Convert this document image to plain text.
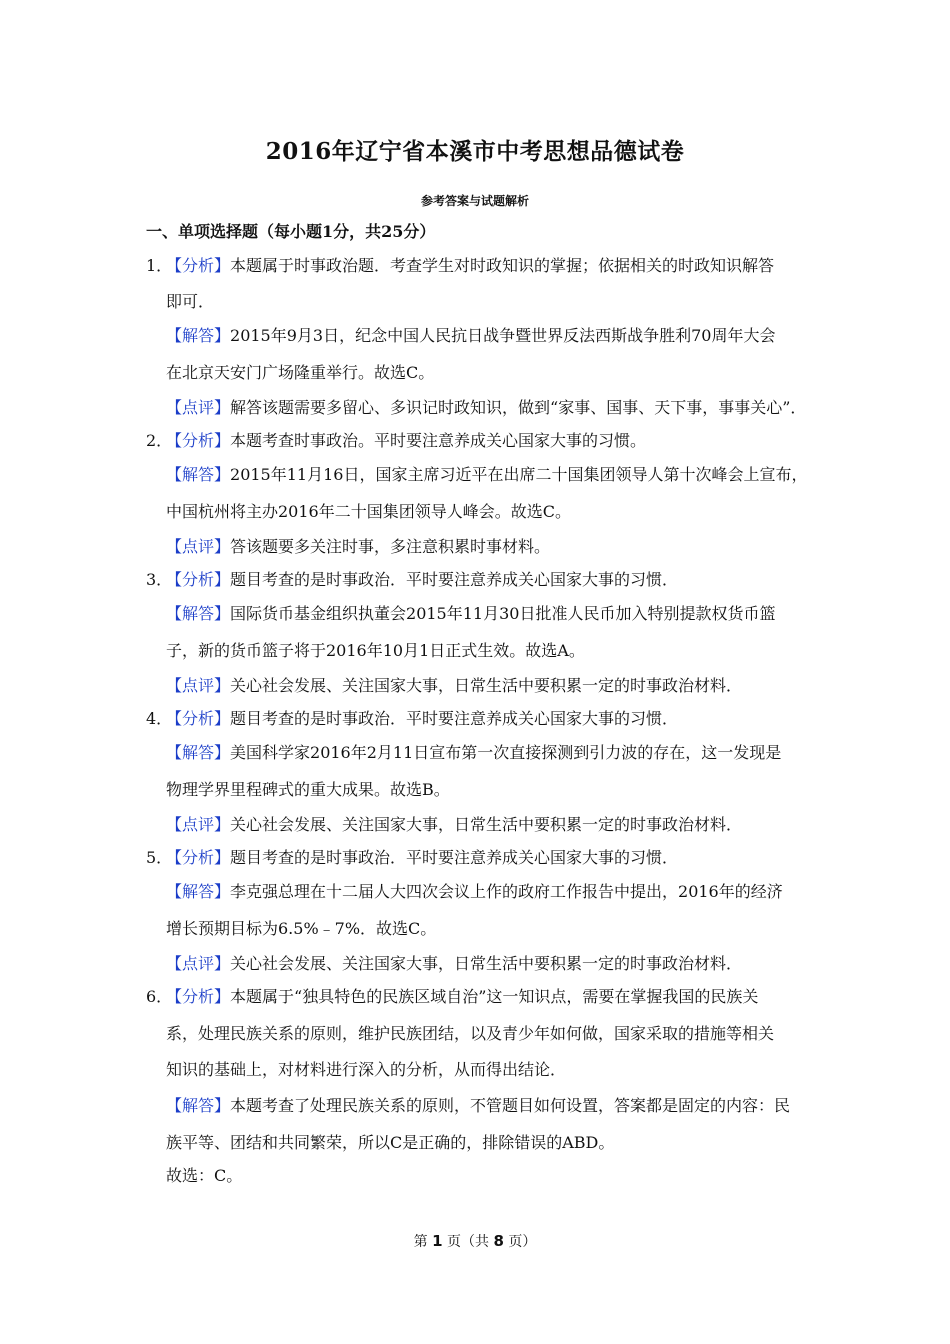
2016年辽宁省本溪市中考思想品德试卷
参考答案与试题解析
一、单项选择题（每小题1分，共25分）
1．
【分析】本题属于时事政治题．考查学生对时政知识的掌握；依据相关的时政知识解答
即可．
【解答】2015年9月3日，纪念中国人民抗日战争暨世界反法西斯战争胜利70周年大会
在北京天安门广场隆重举行。故选C。
【点评】解答该题需要多留心、多识记时政知识，做到“家事、国事、天下事，事事关心”．
2．
【分析】本题考查时事政治。平时要注意养成关心国家大事的习惯。
【解答】2015年11月16日，国家主席习近平在出席二十国集团领导人第十次峰会上宣布，
中国杭州将主办2016年二十国集团领导人峰会。故选C。
【点评】答该题要多关注时事，多注意积累时事材料。
3．
【分析】题目考查的是时事政治．平时要注意养成关心国家大事的习惯．
【解答】国际货币基金组织执董会2015年11月30日批准人民币加入特别提款权货币篮
子，新的货币篮子将于2016年10月1日正式生效。故选A。
【点评】关心社会发展、关注国家大事，日常生活中要积累一定的时事政治材料．
4．
【分析】题目考查的是时事政治．平时要注意养成关心国家大事的习惯．
【解答】美国科学家2016年2月11日宣布第一次直接探测到引力波的存在，这一发现是
物理学界里程碑式的重大成果。故选B。
【点评】关心社会发展、关注国家大事，日常生活中要积累一定的时事政治材料．
5．
【分析】题目考查的是时事政治．平时要注意养成关心国家大事的习惯．
【解答】李克强总理在十二届人大四次会议上作的政府工作报告中提出，2016年的经济
增长预期目标为6.5%﹣7%．故选C。
【点评】关心社会发展、关注国家大事，日常生活中要积累一定的时事政治材料．
6．
【分析】本题属于“独具特色的民族区域自治”这一知识点，需要在掌握我国的民族关
系，处理民族关系的原则，维护民族团结，以及青少年如何做，国家采取的措施等相关
知识的基础上，对材料进行深入的分析，从而得出结论．
【解答】本题考查了处理民族关系的原则，不管题目如何设置，答案都是固定的内容：民
族平等、团结和共同繁荣，所以C是正确的，排除错误的ABD。
故选：C。
第 1 页（共 8 页）
